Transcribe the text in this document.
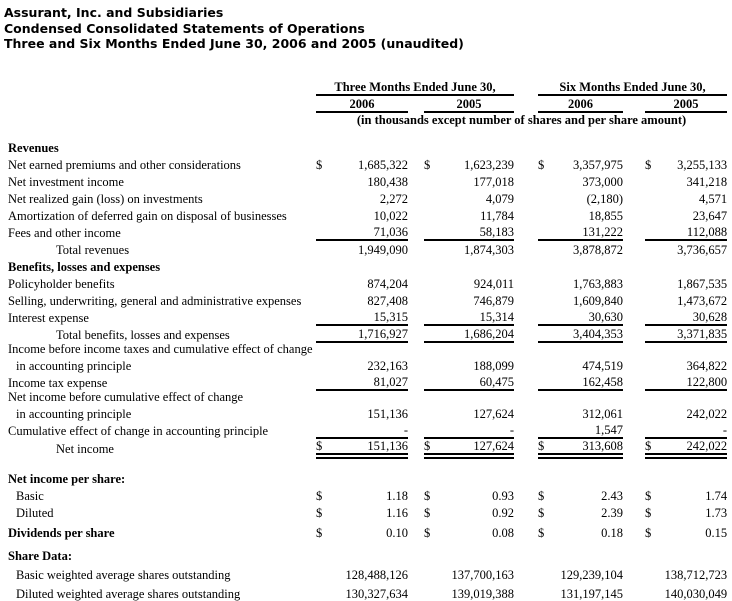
Assurant, Inc. and Subsidiaries
Condensed Consolidated Statements of Operations
Three and Six Months Ended June 30, 2006 and 2005 (unaudited)
	Three Months Ended June 30,						Six Months Ended June 30,				
	2006			2005			2006			2005	
	(in thousands except number of shares and per share amount)										

Revenues											
Net earned premiums and other considerations	$	1,685,322		$	1,623,239		$	3,357,975		$	3,255,133
Net investment income		180,438			177,018			373,000			341,218
Net realized gain (loss) on investments		2,272			4,079			(2,180)			4,571
Amortization of deferred gain on disposal of businesses		10,022			11,784			18,855			23,647
Fees and other income		71,036			58,183			131,222			112,088
Total revenues		1,949,090			1,874,303			3,878,872			3,736,657
Benefits, losses and expenses											
Policyholder benefits		874,204			924,011			1,763,883			1,867,535
Selling, underwriting, general and administrative expenses		827,408			746,879			1,609,840			1,473,672
Interest expense		15,315			15,314			30,630			30,628
Total benefits, losses and expenses		1,716,927			1,686,204			3,404,353			3,371,835
Income before income taxes and cumulative effect of change											
in accounting principle		232,163			188,099			474,519			364,822
Income tax expense		81,027			60,475			162,458			122,800
Net income before cumulative effect of change											
in accounting principle		151,136			127,624			312,061			242,022
Cumulative effect of change in accounting principle		-			-			1,547			-
Net income	$	151,136		$	127,624		$	313,608		$	242,022

Net income per share:											
Basic	$	1.18		$	0.93		$	2.43		$	1.74
Diluted	$	1.16		$	0.92		$	2.39		$	1.73

Dividends per share	$	0.10		$	0.08		$	0.18		$	0.15

Share Data:											
Basic weighted average shares outstanding		128,488,126			137,700,163			129,239,104			138,712,723
Diluted weighted average shares outstanding		130,327,634			139,019,388			131,197,145			140,030,049
